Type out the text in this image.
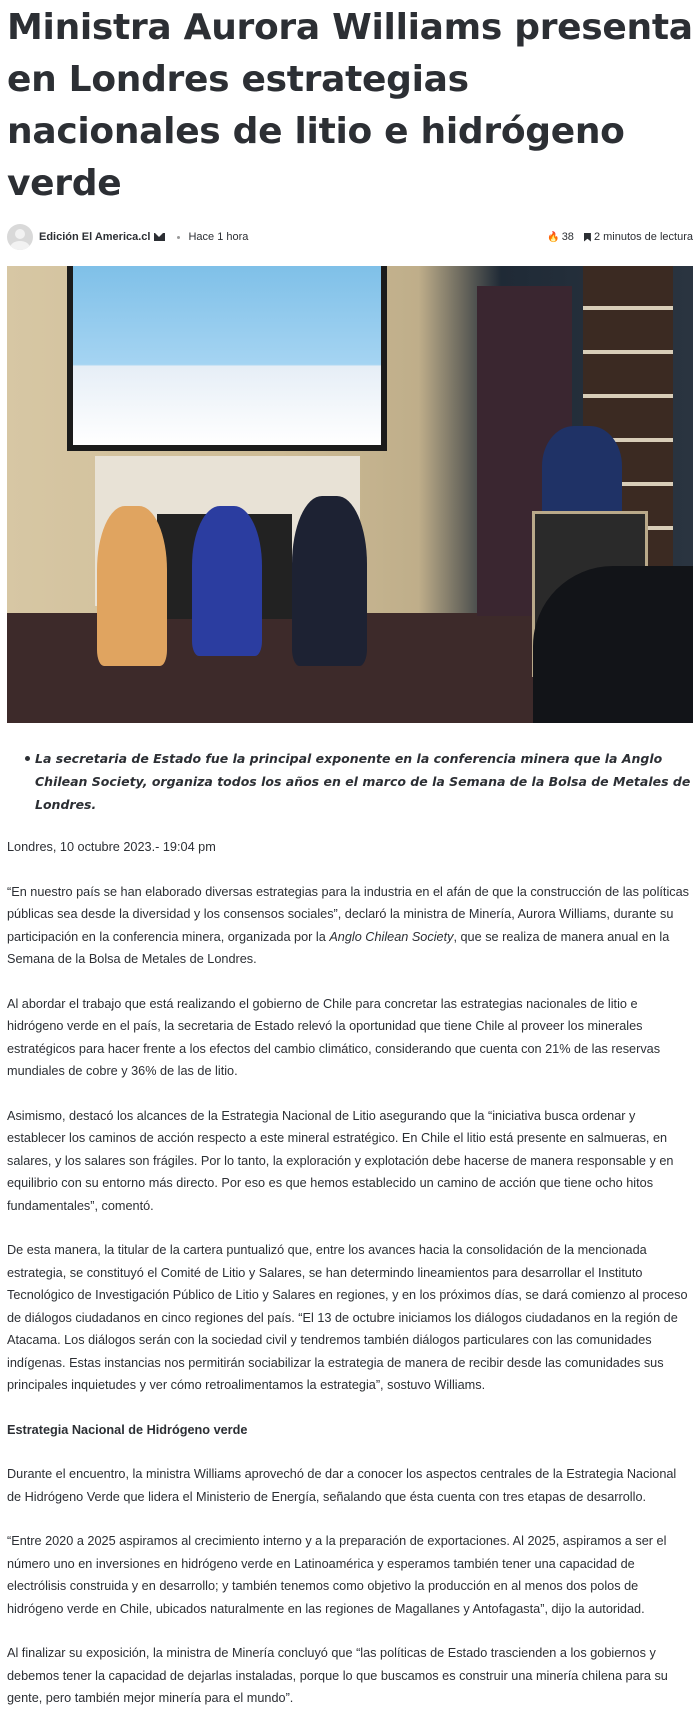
Ministra Aurora Williams presenta en Londres estrategias nacionales de litio e hidrógeno verde
Edición El America.cl	Hace 1 hora	🔥 38 2 minutos de lectura
La secretaria de Estado fue la principal exponente en la conferencia minera que la Anglo Chilean Society, organiza todos los años en el marco de la Semana de la Bolsa de Metales de Londres.

Londres, 10 octubre 2023.- 19:04 pm

“En nuestro país se han elaborado diversas estrategias para la industria en el afán de que la construcción de las políticas públicas sea desde la diversidad y los consensos sociales”, declaró la ministra de Minería, Aurora Williams, durante su participación en la conferencia minera, organizada por la Anglo Chilean Society, que se realiza de manera anual en la Semana de la Bolsa de Metales de Londres.

Al abordar el trabajo que está realizando el gobierno de Chile para concretar las estrategias nacionales de litio e hidrógeno verde en el país, la secretaria de Estado relevó la oportunidad que tiene Chile al proveer los minerales estratégicos para hacer frente a los efectos del cambio climático, considerando que cuenta con 21% de las reservas mundiales de cobre y 36% de las de litio.

Asimismo, destacó los alcances de la Estrategia Nacional de Litio asegurando que la “iniciativa busca ordenar y establecer los caminos de acción respecto a este mineral estratégico. En Chile el litio está presente en salmueras, en salares, y los salares son frágiles. Por lo tanto, la exploración y explotación debe hacerse de manera responsable y en equilibrio con su entorno más directo. Por eso es que hemos establecido un camino de acción que tiene ocho hitos fundamentales”, comentó.

De esta manera, la titular de la cartera puntualizó que, entre los avances hacia la consolidación de la mencionada estrategia, se constituyó el Comité de Litio y Salares, se han determindo lineamientos para desarrollar el Instituto Tecnológico de Investigación Público de Litio y Salares en regiones, y en los próximos días, se dará comienzo al proceso de diálogos ciudadanos en cinco regiones del país. “El 13 de octubre iniciamos los diálogos ciudadanos en la región de Atacama. Los diálogos serán con la sociedad civil y tendremos también diálogos particulares con las comunidades indígenas. Estas instancias nos permitirán sociabilizar la estrategia de manera de recibir desde las comunidades sus principales inquietudes y ver cómo retroalimentamos la estrategia”, sostuvo Williams.

Estrategia Nacional de Hidrógeno verde

Durante el encuentro, la ministra Williams aprovechó de dar a conocer los aspectos centrales de la Estrategia Nacional de Hidrógeno Verde que lidera el Ministerio de Energía, señalando que ésta cuenta con tres etapas de desarrollo.

“Entre 2020 a 2025 aspiramos al crecimiento interno y a la preparación de exportaciones. Al 2025, aspiramos a ser el número uno en inversiones en hidrógeno verde en Latinoamérica y esperamos también tener una capacidad de electrólisis construida y en desarrollo; y también tenemos como objetivo la producción en al menos dos polos de hidrógeno verde en Chile, ubicados naturalmente en las regiones de Magallanes y Antofagasta”, dijo la autoridad.

Al finalizar su exposición, la ministra de Minería concluyó que “las políticas de Estado trascienden a los gobiernos y debemos tener la capacidad de dejarlas instaladas, porque lo que buscamos es construir una minería chilena para su gente, pero también mejor minería para el mundo”.
